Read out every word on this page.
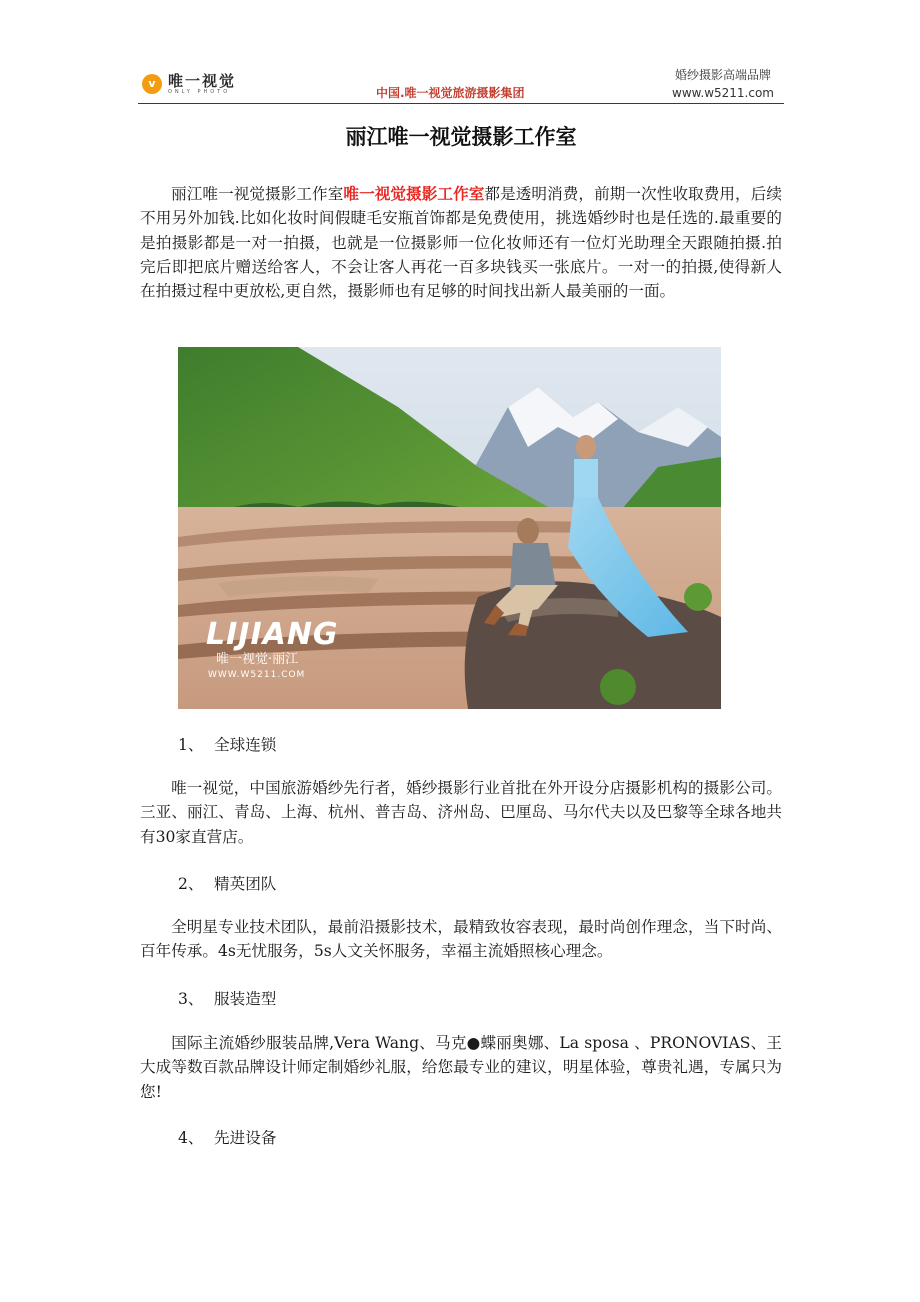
v 唯一视觉
ONLY PHOTO	中国.唯一视觉旅游摄影集团
婚纱摄影高端品牌
www.w5211.com
丽江唯一视觉摄影工作室
丽江唯一视觉摄影工作室唯一视觉摄影工作室都是透明消费，前期一次性收取费用，后续不用另外加钱.比如化妆时间假睫毛安瓶首饰都是免费使用，挑选婚纱时也是任选的.最重要的是拍摄影都是一对一拍摄，也就是一位摄影师一位化妆师还有一位灯光助理全天跟随拍摄.拍完后即把底片赠送给客人，不会让客人再花一百多块钱买一张底片。一对一的拍摄,使得新人在拍摄过程中更放松,更自然，摄影师也有足够的时间找出新人最美丽的一面。
LIJIANG
唯一视觉·丽江
WWW.W5211.COM
1、 全球连锁
唯一视觉，中国旅游婚纱先行者，婚纱摄影行业首批在外开设分店摄影机构的摄影公司。三亚、丽江、青岛、上海、杭州、普吉岛、济州岛、巴厘岛、马尔代夫以及巴黎等全球各地共有30家直营店。
2、 精英团队
全明星专业技术团队，最前沿摄影技术，最精致妆容表现，最时尚创作理念，当下时尚、百年传承。4s无忧服务，5s人文关怀服务，幸福主流婚照核心理念。
3、 服装造型
国际主流婚纱服装品牌,Vera Wang、马克●蝶丽奥娜、La sposa 、PRONOVIAS、王大成等数百款品牌设计师定制婚纱礼服，给您最专业的建议，明星体验，尊贵礼遇，专属只为您!
4、 先进设备
